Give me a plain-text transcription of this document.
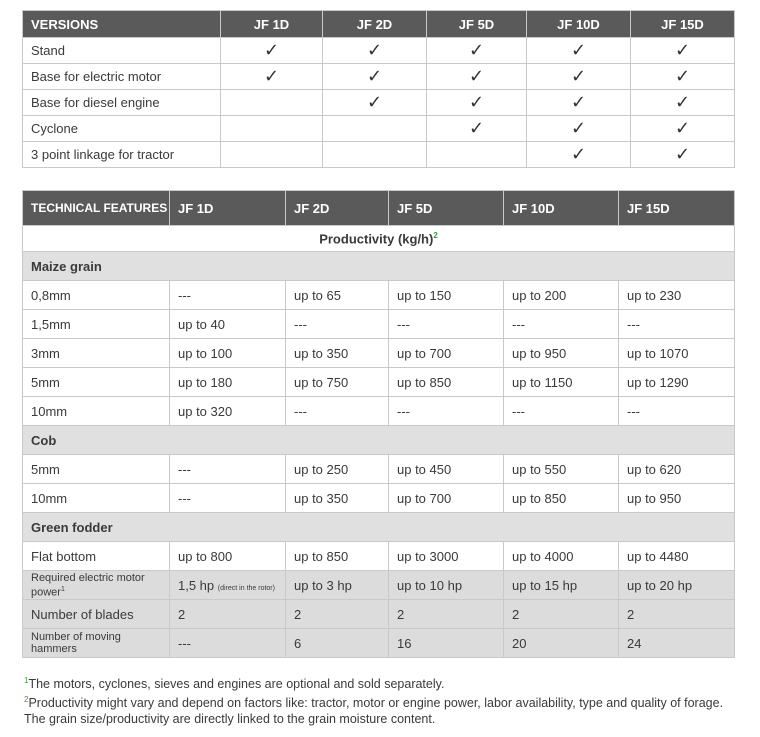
VERSIONS	JF 1D	JF 2D	JF 5D	JF 10D	JF 15D
Stand	✓	✓	✓	✓	✓
Base for electric motor	✓	✓	✓	✓	✓
Base for diesel engine		✓	✓	✓	✓
Cyclone			✓	✓	✓
3 point linkage for tractor				✓	✓
TECHNICAL FEATURES	JF 1D	JF 2D	JF 5D	JF 10D	JF 15D
Productivity $(kg/h)^2$
Maize grain					
0,8mm	---	up to 65	up to 150	up to 200	up to 230
1,5mm	up to 40	---	---	---	---
3mm	up to 100	up to 350	up to 700	up to 950	up to 1070
5mm	up to 180	up to 750	up to 850	up to 1150	up to 1290
10mm	up to 320	---	---	---	---
Cob					
5mm	---	up to 250	up to 450	up to 550	up to 620
10mm	---	up to 350	up to 700	up to 850	up to 950
Green fodder					
Flat bottom	up to 800	up to 850	up to 3000	up to 4000	up to 4480
Required electric motor power$^1$	1,5 hp (direct in the rotor)	up to 3 hp	up to 10 hp	up to 15 hp	up to 20 hp
Number of blades	2	2	2	2	2
Number of moving hammers	---	6	16	20	24

$^1$The motors, cyclones, sieves and engines are optional and sold separately.

$^2$Productivity might vary and depend on factors like: tractor, motor or engine power, labor availability, type and quality of forage. The grain size/productivity are directly linked to the grain moisture content.
